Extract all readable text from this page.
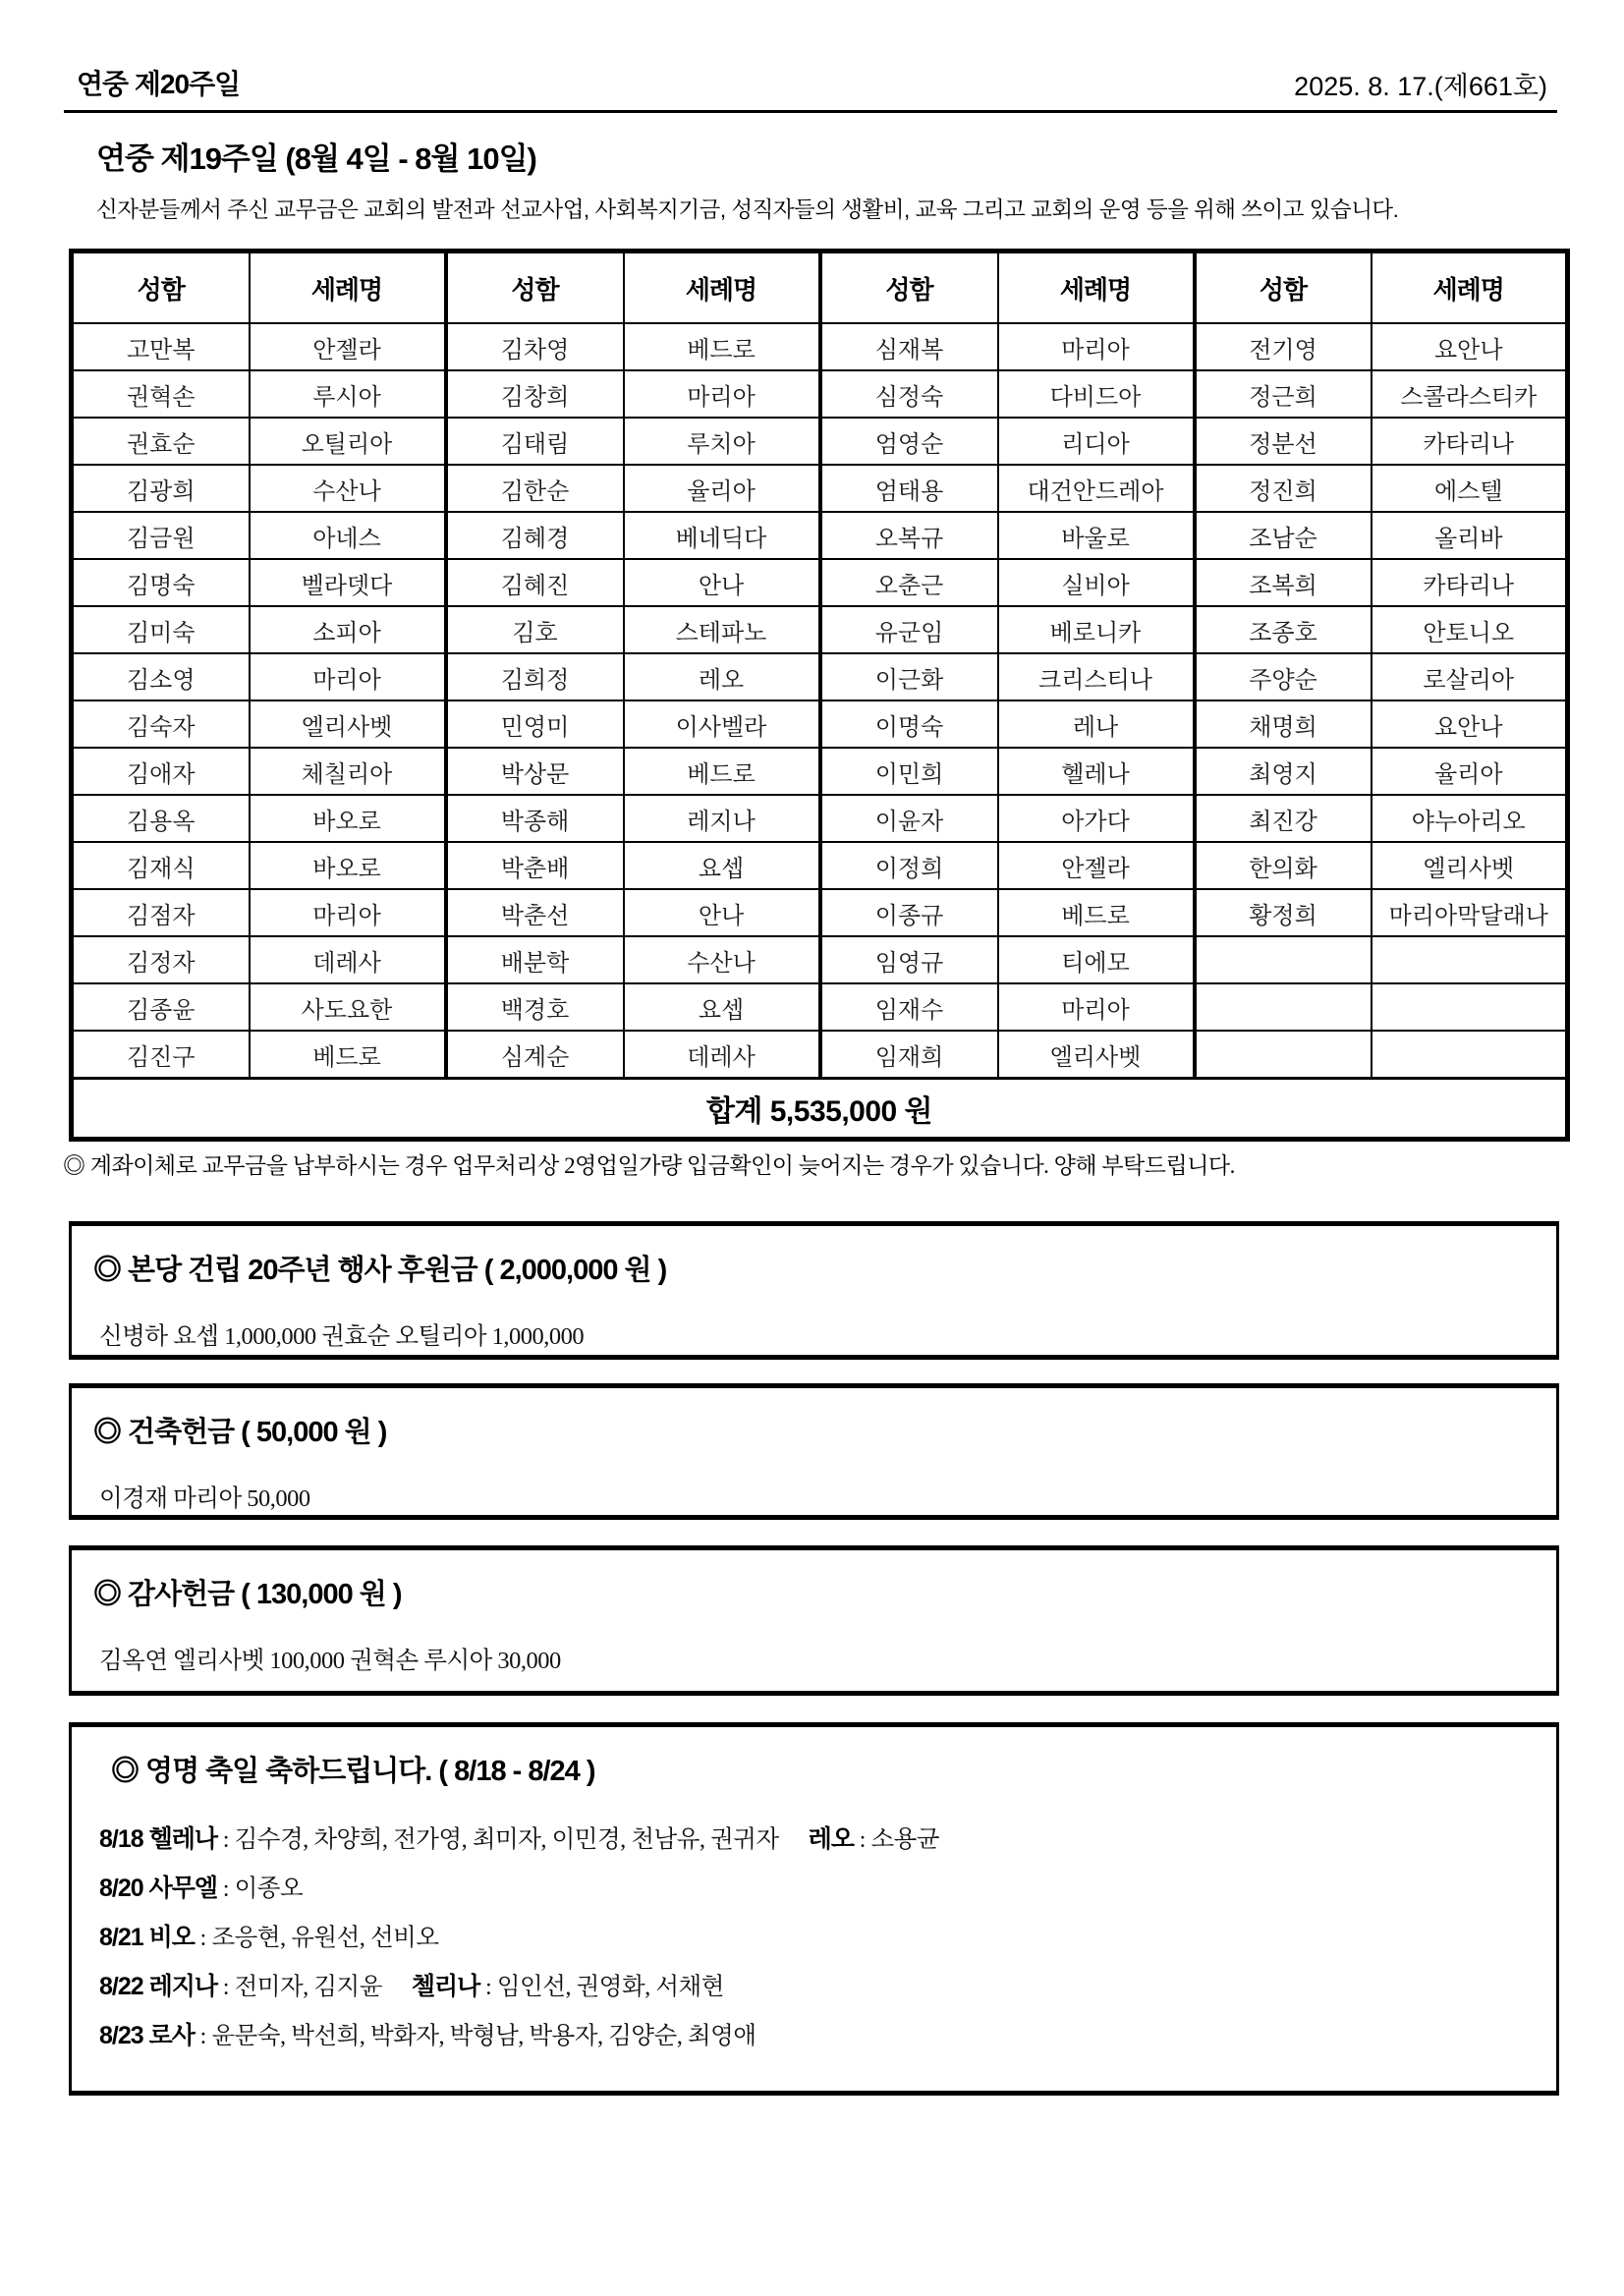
연중 제20주일	2025. 8. 17.(제661호)
연중 제19주일 (8월 4일 - 8월 10일)
신자분들께서 주신 교무금은 교회의 발전과 선교사업, 사회복지기금, 성직자들의 생활비, 교육 그리고 교회의 운영 등을 위해 쓰이고 있습니다.
성함	세례명	성함	세례명	성함	세례명	성함	세례명
고만복	안젤라	김차영	베드로	심재복	마리아	전기영	요안나
권혁손	루시아	김창희	마리아	심정숙	다비드아	정근희	스콜라스티카
권효순	오틸리아	김태림	루치아	엄영순	리디아	정분선	카타리나
김광희	수산나	김한순	율리아	엄태용	대건안드레아	정진희	에스텔
김금원	아네스	김혜경	베네딕다	오복규	바울로	조남순	올리바
김명숙	벨라뎃다	김혜진	안나	오춘근	실비아	조복희	카타리나
김미숙	소피아	김호	스테파노	유군임	베로니카	조종호	안토니오
김소영	마리아	김희정	레오	이근화	크리스티나	주양순	로살리아
김숙자	엘리사벳	민영미	이사벨라	이명숙	레나	채명희	요안나
김애자	체칠리아	박상문	베드로	이민희	헬레나	최영지	율리아
김용옥	바오로	박종해	레지나	이윤자	아가다	최진강	야누아리오
김재식	바오로	박춘배	요셉	이정희	안젤라	한의화	엘리사벳
김점자	마리아	박춘선	안나	이종규	베드로	황정희	마리아막달래나
김정자	데레사	배분학	수산나	임영규	티에모		
김종윤	사도요한	백경호	요셉	임재수	마리아		
김진구	베드로	심계순	데레사	임재희	엘리사벳		
합계 5,535,000 원							
◎ 계좌이체로 교무금을 납부하시는 경우 업무처리상 2영업일가량 입금확인이 늦어지는 경우가 있습니다. 양해 부탁드립니다.
◎ 본당 건립 20주년 행사 후원금 ( 2,000,000 원 )
신병하 요셉 1,000,000 권효순 오틸리아 1,000,000
◎ 건축헌금 ( 50,000 원 )
이경재 마리아 50,000
◎ 감사헌금 ( 130,000 원 )
김옥연 엘리사벳 100,000 권혁손 루시아 30,000
◎ 영명 축일 축하드립니다. ( 8/18 - 8/24 )
8/18 헬레나 : 김수경, 차양희, 전가영, 최미자, 이민경, 천남유, 권귀자 레오 : 소용균
8/20 사무엘 : 이종오
8/21 비오 : 조응현, 유원선, 선비오
8/22 레지나 : 전미자, 김지윤 첼리나 : 임인선, 권영화, 서채현
8/23 로사 : 윤문숙, 박선희, 박화자, 박형남, 박용자, 김양순, 최영애
